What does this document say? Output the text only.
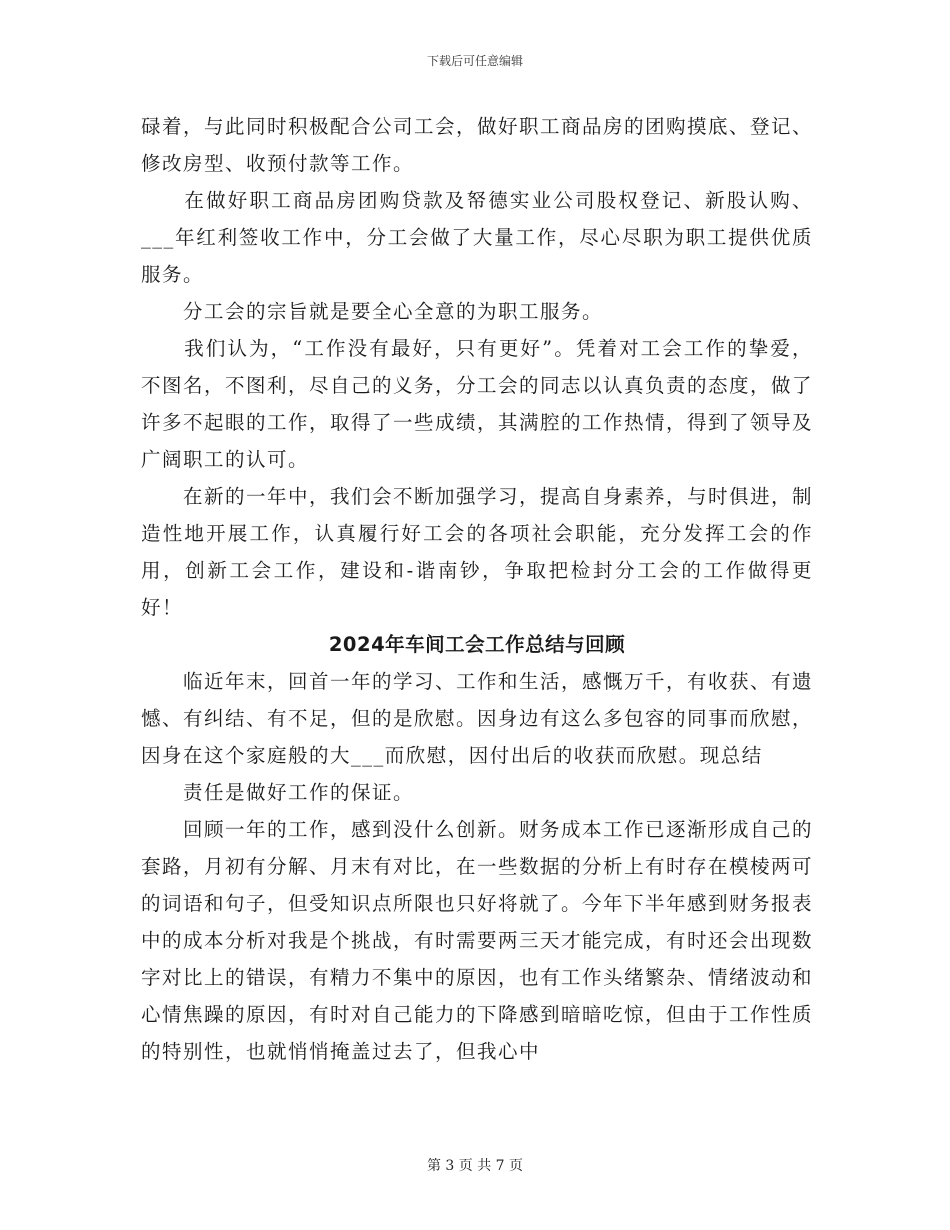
下载后可任意编辑

碌着，与此同时积极配合公司工会，做好职工商品房的团购摸底、登记、修改房型、收预付款等工作。

　　在做好职工商品房团购贷款及帑德实业公司股权登记、新股认购、___年红利签收工作中，分工会做了大量工作，尽心尽职为职工提供优质服务。

　　分工会的宗旨就是要全心全意的为职工服务。

　　我们认为，“工作没有最好，只有更好”。凭着对工会工作的挚爱，不图名，不图利，尽自己的义务，分工会的同志以认真负责的态度，做了许多不起眼的工作，取得了一些成绩，其满腔的工作热情，得到了领导及广阔职工的认可。

　　在新的一年中，我们会不断加强学习，提高自身素养，与时俱进，制造性地开展工作，认真履行好工会的各项社会职能，充分发挥工会的作用，创新工会工作，建设和-谐南钞，争取把检封分工会的工作做得更好！

2024年车间工会工作总结与回顾

　　临近年末，回首一年的学习、工作和生活，感慨万千，有收获、有遗憾、有纠结、有不足，但的是欣慰。因身边有这么多包容的同事而欣慰，因身在这个家庭般的大___而欣慰，因付出后的收获而欣慰。现总结

　　责任是做好工作的保证。

　　回顾一年的工作，感到没什么创新。财务成本工作已逐渐形成自己的套路，月初有分解、月末有对比，在一些数据的分析上有时存在模棱两可的词语和句子，但受知识点所限也只好将就了。今年下半年感到财务报表中的成本分析对我是个挑战，有时需要两三天才能完成，有时还会出现数字对比上的错误，有精力不集中的原因，也有工作头绪繁杂、情绪波动和心情焦躁的原因，有时对自己能力的下降感到暗暗吃惊，但由于工作性质的特别性，也就悄悄掩盖过去了，但我心中

第 3 页 共 7 页
